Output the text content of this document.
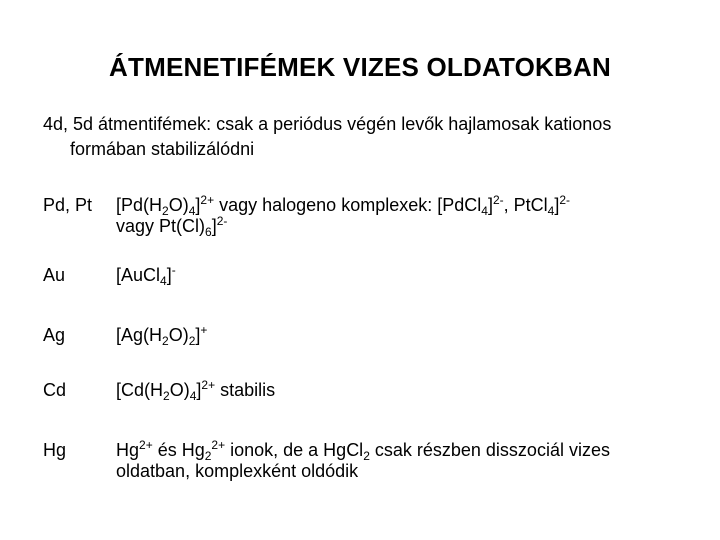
ÁTMENETIFÉMEK VIZES OLDATOKBAN
4d, 5d átmentifémek: csak a periódus végén levők hajlamosak kationos
formában stabilizálódni
Pd, Pt	$[Pd(H_2O)_4]^{2+}$ vagy halogeno komplexek: [PdCl$_4$]$^{2-}$, PtCl$_4$]$^{2-}$
vagy $Pt(Cl)_6]^{2-}$
Au	[AuCl$_4$]-
Ag	$[Ag(H_2O)_2]^+$
Cd	$[Cd(H_2O)_4]^{2+}$ stabilis
Hg	$Hg^{2+}$ és $Hg_2^{2+}$ ionok, de a HgCl$_2$ csak részben disszociál vizes
oldatban, komplexként oldódik
